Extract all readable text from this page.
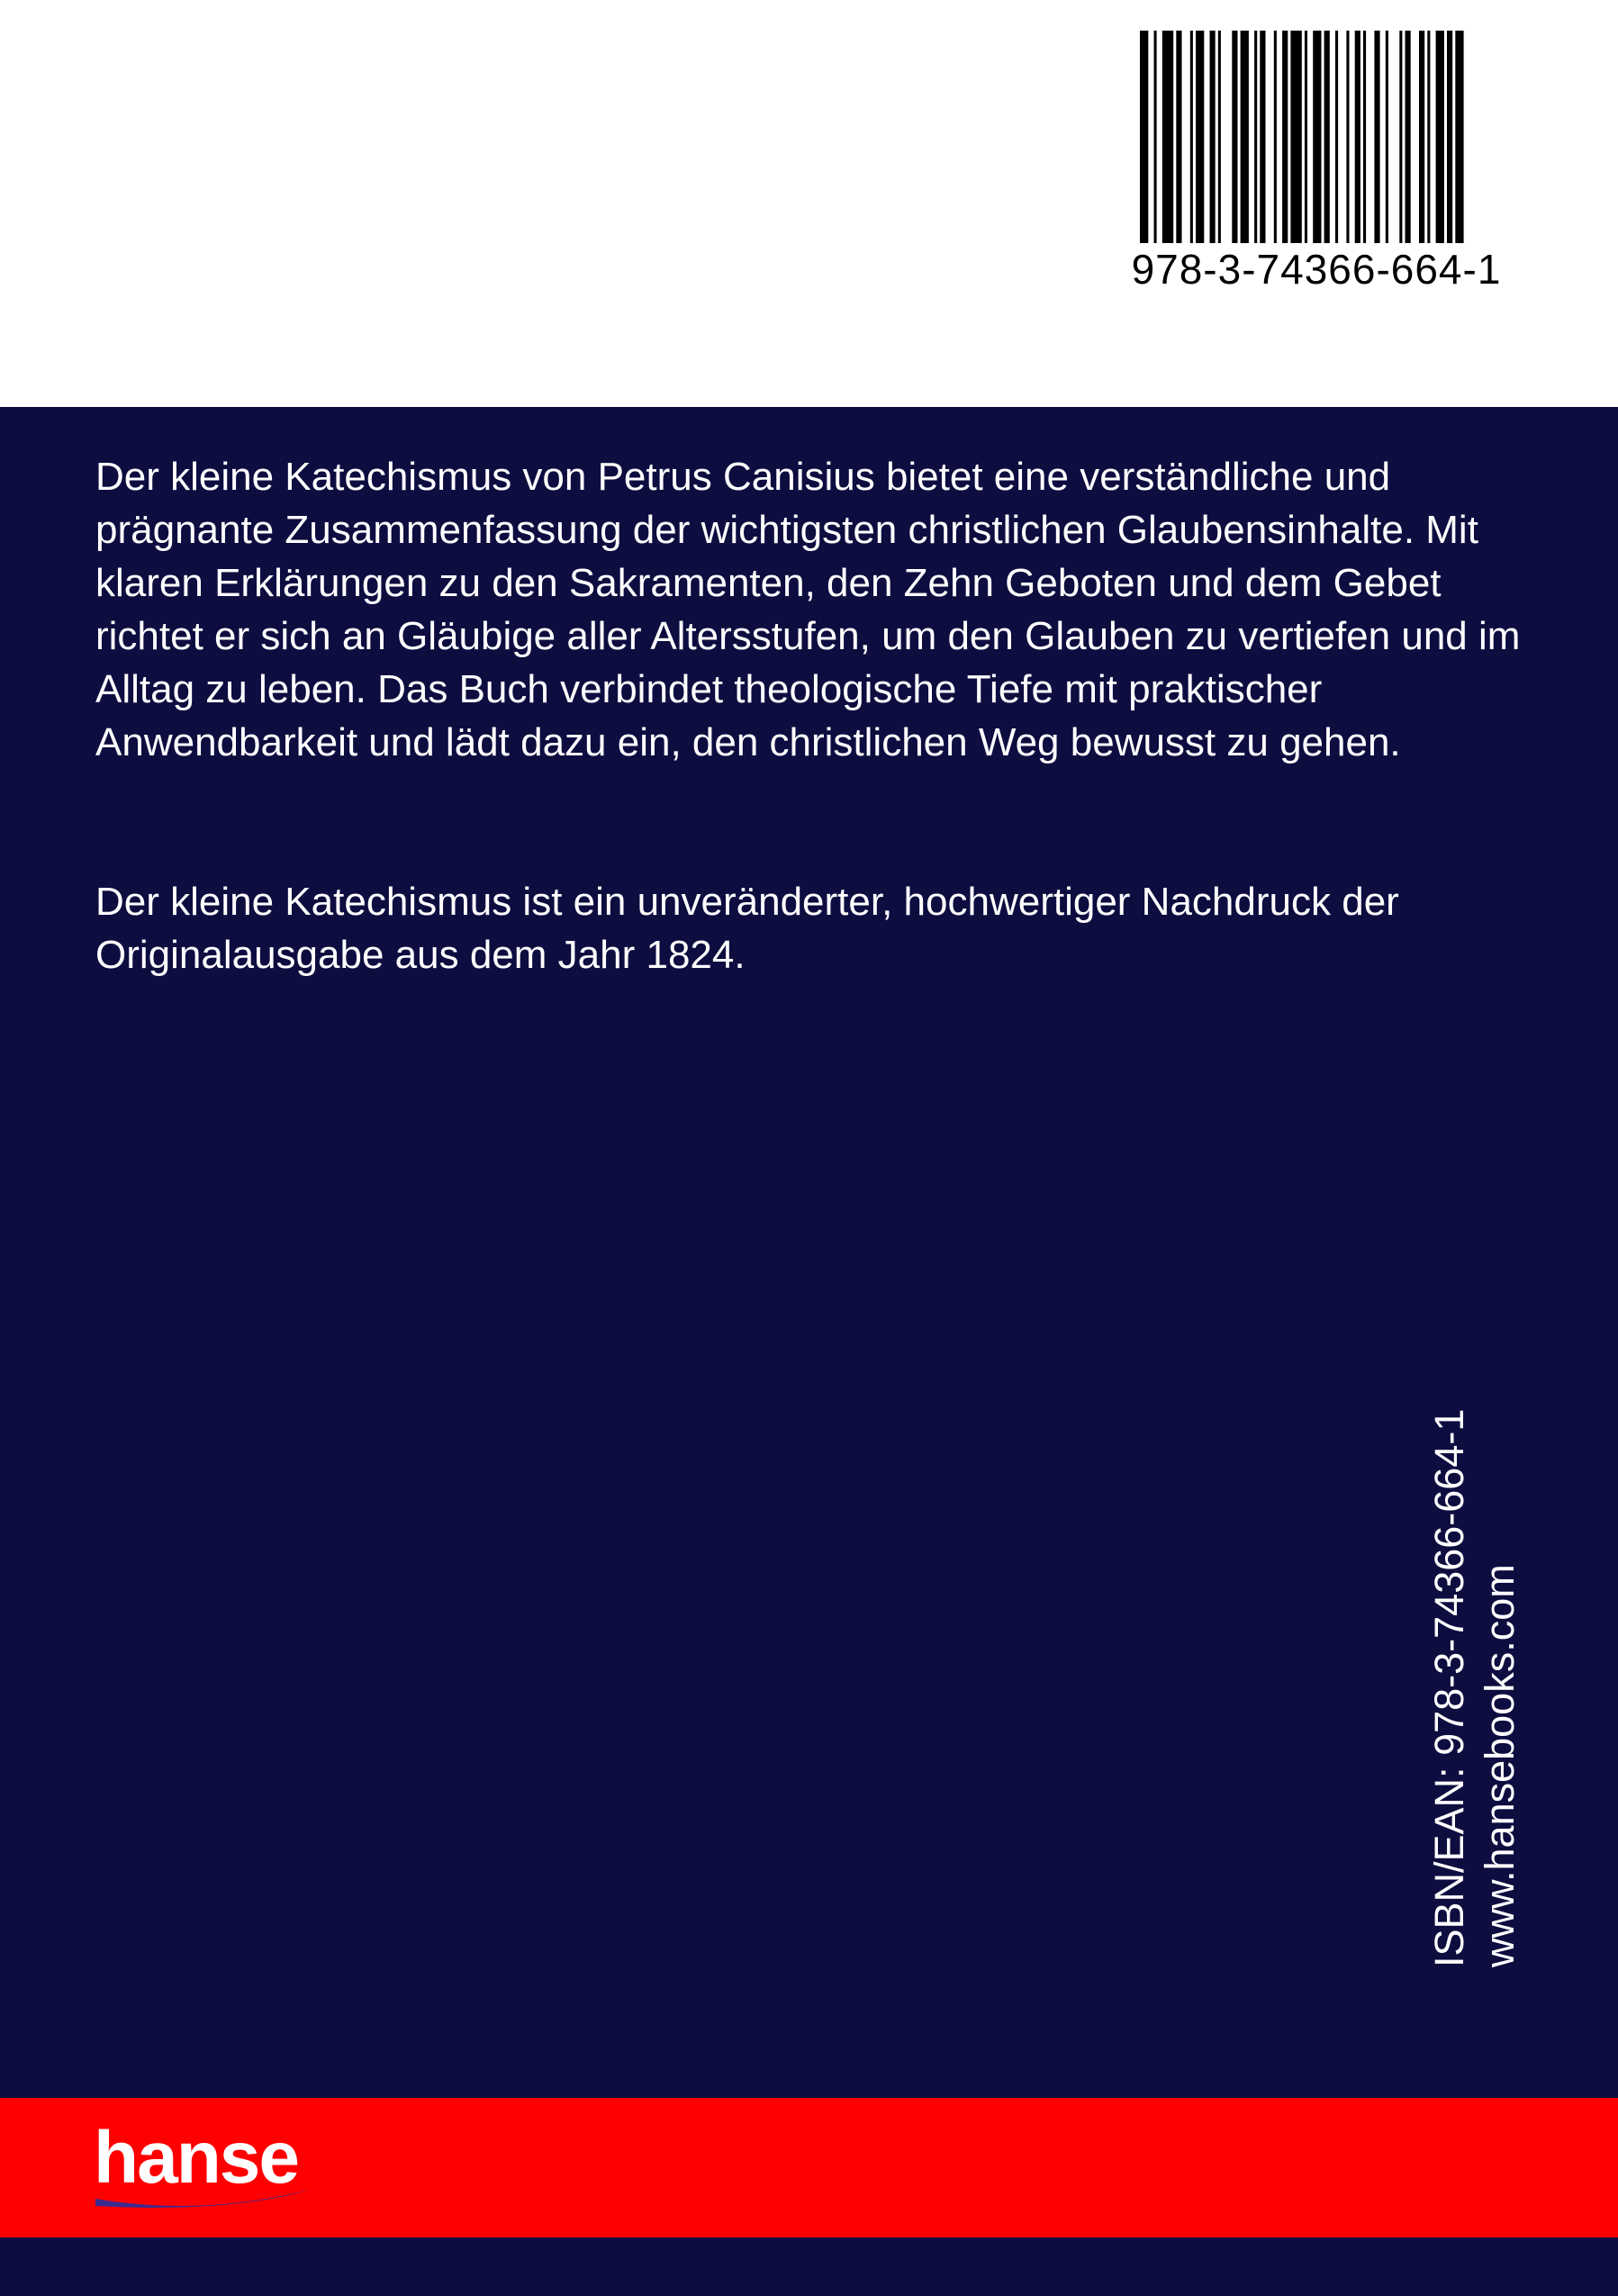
978-3-74366-664-1

Der kleine Katechismus von Petrus Canisius bietet eine verständliche und prägnante Zusammenfassung der wichtigsten christlichen Glaubensinhalte. Mit klaren Erklärungen zu den Sakramenten, den Zehn Geboten und dem Gebet richtet er sich an Gläubige aller Altersstufen, um den Glauben zu vertiefen und im Alltag zu leben. Das Buch verbindet theologische Tiefe mit praktischer Anwendbarkeit und lädt dazu ein, den christlichen Weg bewusst zu gehen.

Der kleine Katechismus ist ein unveränderter, hochwertiger Nachdruck der Originalausgabe aus dem Jahr 1824.

ISBN/EAN: 978-3-74366-664-1 www.hansebooks.com
hanse
